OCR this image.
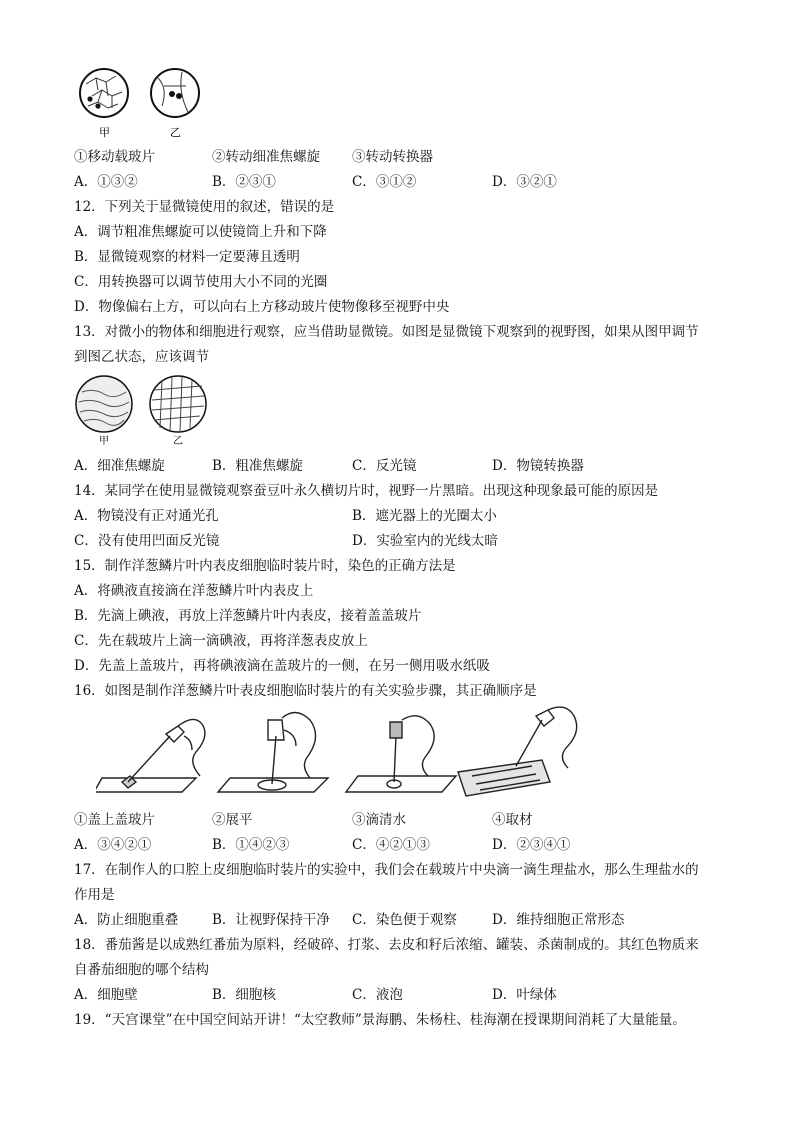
甲	乙
①移动载玻片	②转动细准焦螺旋 ③转动转换器
A．①③②	B．②③①	C．③①②	D．③②①
12．下列关于显微镜使用的叙述，错误的是
A．调节粗准焦螺旋可以使镜筒上升和下降
B．显微镜观察的材料一定要薄且透明
C．用转换器可以调节使用大小不同的光圈
D．物像偏右上方，可以向右上方移动玻片使物像移至视野中央
13．对微小的物体和细胞进行观察，应当借助显微镜。如图是显微镜下观察到的视野图，如果从图甲调节
到图乙状态，应该调节
甲	乙
A．细准焦螺旋	B．粗准焦螺旋	C．反光镜	D．物镜转换器
14．某同学在使用显微镜观察蚕豆叶永久横切片时，视野一片黑暗。出现这种现象最可能的原因是
A．物镜没有正对通光孔	B．遮光器上的光圈太小
C．没有使用凹面反光镜	D．实验室内的光线太暗
15．制作洋葱鳞片叶内表皮细胞临时装片时，染色的正确方法是
A．将碘液直接滴在洋葱鳞片叶内表皮上
B．先滴上碘液，再放上洋葱鳞片叶内表皮，接着盖盖玻片
C．先在载玻片上滴一滴碘液，再将洋葱表皮放上
D．先盖上盖玻片，再将碘液滴在盖玻片的一侧，在另一侧用吸水纸吸
16．如图是制作洋葱鳞片叶表皮细胞临时装片的有关实验步骤，其正确顺序是
①盖上盖玻片	②展平	③滴清水	④取材
A．③④②①	B．①④②③	C．④②①③	D．②③④①
17．在制作人的口腔上皮细胞临时装片的实验中，我们会在载玻片中央滴一滴生理盐水，那么生理盐水的
作用是
A．防止细胞重叠	B．让视野保持干净 C．染色便于观察	D．维持细胞正常形态
18．番茄酱是以成熟红番茄为原料，经破碎、打浆、去皮和籽后浓缩、罐装、杀菌制成的。其红色物质来
自番茄细胞的哪个结构
A．细胞壁	B．细胞核	C．液泡	D．叶绿体
19．“天宫课堂”在中国空间站开讲！“太空教师”景海鹏、朱杨柱、桂海潮在授课期间消耗了大量能量。
